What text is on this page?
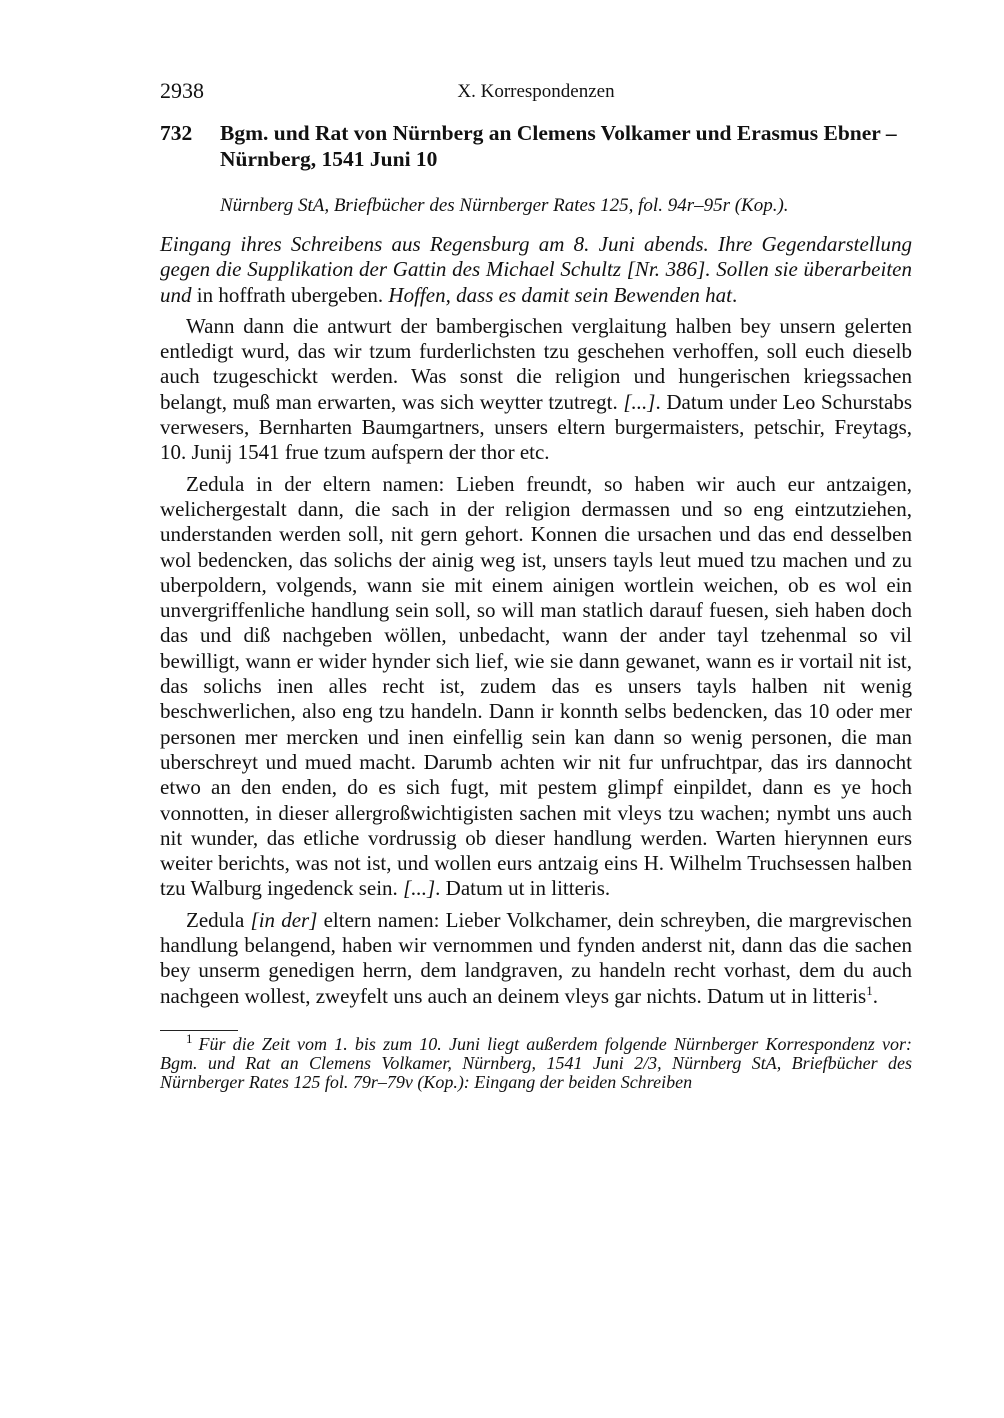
2938	X. Korrespondenzen
732	Bgm. und Rat von Nürnberg an Clemens Volkamer und Erasmus Ebner – Nürnberg, 1541 Juni 10
Nürnberg StA, Briefbücher des Nürnberger Rates 125, fol. 94r–95r (Kop.).

Eingang ihres Schreibens aus Regensburg am 8. Juni abends. Ihre Gegendarstellung gegen die Supplikation der Gattin des Michael Schultz [Nr. 386]. Sollen sie überarbeiten und in hoffrath ubergeben. Hoffen, dass es damit sein Bewenden hat.

Wann dann die antwurt der bambergischen verglaitung halben bey unsern gelerten entledigt wurd, das wir tzum furderlichsten tzu geschehen verhoffen, soll euch dieselb auch tzugeschickt werden. Was sonst die religion und hungerischen kriegssachen belangt, muß man erwarten, was sich weytter tzutregt. [...]. Datum under Leo Schurstabs verwesers, Bernharten Baumgartners, unsers eltern burgermaisters, petschir, Freytags, 10. Junij 1541 frue tzum aufspern der thor etc.

Zedula in der eltern namen: Lieben freundt, so haben wir auch eur antzaigen, welichergestalt dann, die sach in der religion dermassen und so eng eintzutziehen, understanden werden soll, nit gern gehort. Konnen die ursachen und das end desselben wol bedencken, das solichs der ainig weg ist, unsers tayls leut mued tzu machen und zu uberpoldern, volgends, wann sie mit einem ainigen wortlein weichen, ob es wol ein unvergriffenliche handlung sein soll, so will man statlich darauf fuesen, sieh haben doch das und diß nachgeben wöllen, unbedacht, wann der ander tayl tzehenmal so vil bewilligt, wann er wider hynder sich lief, wie sie dann gewanet, wann es ir vortail nit ist, das solichs inen alles recht ist, zudem das es unsers tayls halben nit wenig beschwerlichen, also eng tzu handeln. Dann ir konnth selbs bedencken, das 10 oder mer personen mer mercken und inen einfellig sein kan dann so wenig personen, die man uberschreyt und mued macht. Darumb achten wir nit fur unfruchtpar, das irs dannocht etwo an den enden, do es sich fugt, mit pestem glimpf einpildet, dann es ye hoch vonnotten, in dieser allergroßwichtigisten sachen mit vleys tzu wachen; nymbt uns auch nit wunder, das etliche vordrussig ob dieser handlung werden. Warten hierynnen eurs weiter berichts, was not ist, und wollen eurs antzaig eins H. Wilhelm Truchsessen halben tzu Walburg ingedenck sein. [...]. Datum ut in litteris.

Zedula [in der] eltern namen: Lieber Volkchamer, dein schreyben, die margrevischen handlung belangend, haben wir vernommen und fynden anderst nit, dann das die sachen bey unserm genedigen herrn, dem landgraven, zu handeln recht vorhast, dem du auch nachgeen wollest, zweyfelt uns auch an deinem vleys gar nichts. Datum ut in litteris$^1$.

$^1$ Für die Zeit vom 1. bis zum 10. Juni liegt außerdem folgende Nürnberger Korrespondenz vor: Bgm. und Rat an Clemens Volkamer, Nürnberg, 1541 Juni 2/3, Nürnberg StA, Briefbücher des Nürnberger Rates 125 fol. 79r–79v (Kop.): Eingang der beiden Schreiben
